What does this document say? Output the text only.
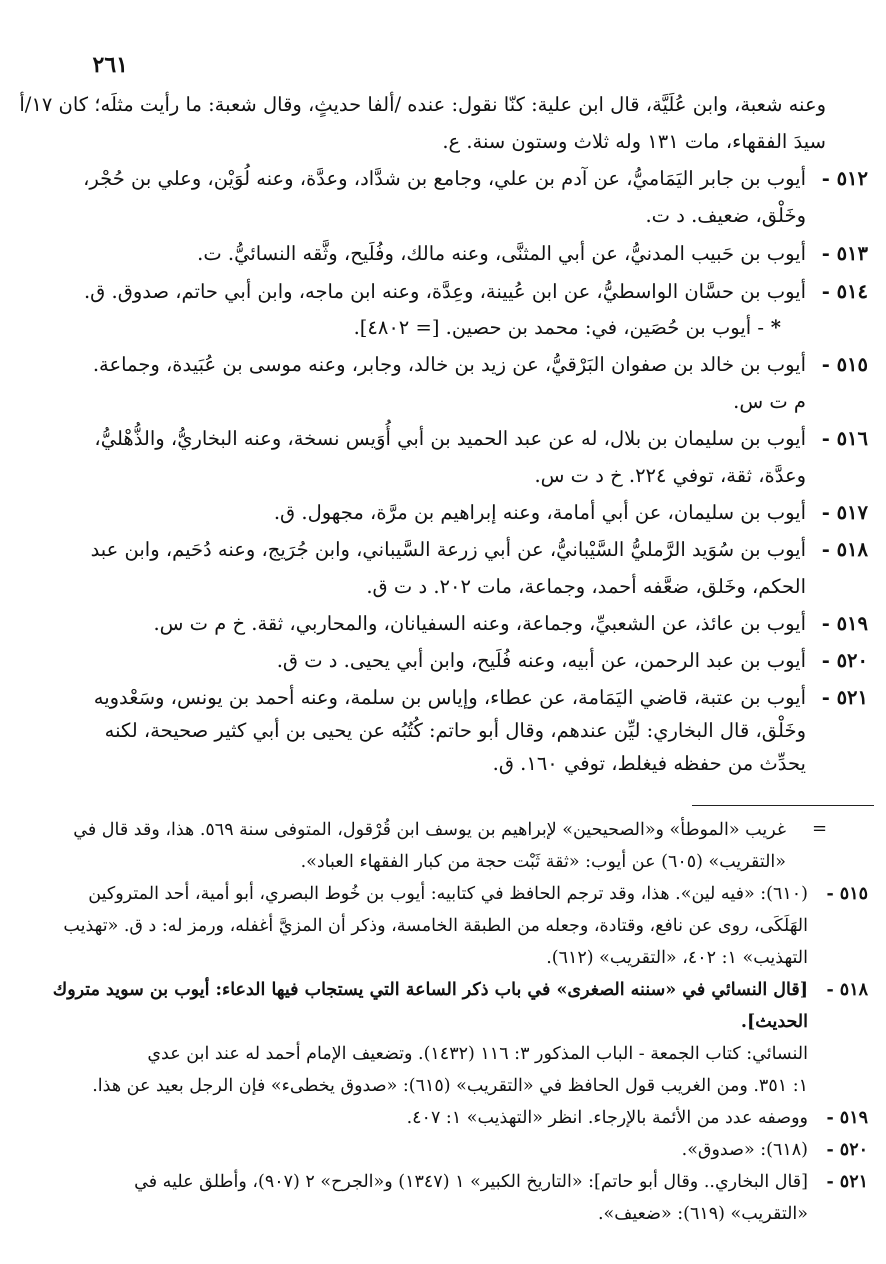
٢٦١
وعنه شعبة، وابن عُلَيَّة، قال ابن علية: كنّا نقول: عنده /ألفا حديثٍ، وقال شعبة: ما رأيت مثلَه؛ كان ١٧/أ
سيدَ الفقهاء، مات ١٣١ وله ثلاث وستون سنة. ع.
٥١٢ -
أيوب بن جابر اليَمَاميُّ، عن آدم بن علي، وجامع بن شدَّاد، وعدَّة، وعنه لُوَيْن، وعلي بن حُجْر،
وخَلْق، ضعيف. د ت.
٥١٣ -
أيوب بن حَبيب المدنيُّ، عن أبي المثنَّى، وعنه مالك، وفُلَيح، وثَّقه النسائيُّ. ت.
٥١٤ -
أيوب بن حسَّان الواسطيُّ، عن ابن عُيينة، وعِدَّة، وعنه ابن ماجه، وابن أبي حاتم، صدوق. ق.
*
- أيوب بن حُصَين، في: محمد بن حصين. [= ٤٨٠٢].
٥١٥ -
أيوب بن خالد بن صفوان البَرْقيُّ، عن زيد بن خالد، وجابر، وعنه موسى بن عُبَيدة، وجماعة.
م ت س.
٥١٦ -
أيوب بن سليمان بن بلال، له عن عبد الحميد بن أبي أُوَيس نسخة، وعنه البخاريُّ، والذُّهْليُّ،
وعدَّة، ثقة، توفي ٢٢٤. خ د ت س.
٥١٧ -
أيوب بن سليمان، عن أبي أمامة، وعنه إبراهيم بن مرَّة، مجهول. ق.
٥١٨ -
أيوب بن سُوَيد الرَّمليُّ السَّيْبانيُّ، عن أبي زرعة السَّيباني، وابن جُرَيج، وعنه دُحَيم، وابن عبد
الحكم، وخَلق، ضعَّفه أحمد، وجماعة، مات ٢٠٢. د ت ق.
٥١٩ -
أيوب بن عائذ، عن الشعبيِّ، وجماعة، وعنه السفيانان، والمحاربي، ثقة. خ م ت س.
٥٢٠ -
أيوب بن عبد الرحمن، عن أبيه، وعنه فُلَيح، وابن أبي يحيى. د ت ق.
٥٢١ -
أيوب بن عتبة، قاضي اليَمَامة، عن عطاء، وإياس بن سلمة، وعنه أحمد بن يونس، وسَعْدويه
وخَلْق، قال البخاري: ليِّن عندهم، وقال أبو حاتم: كُتُبُه عن يحيى بن أبي كثير صحيحة، لكنه
يحدِّث من حفظه فيغلط، توفي ١٦٠. ق.
=
غريب «الموطأ» و«الصحيحين» لإبراهيم بن يوسف ابن قُرْقول، المتوفى سنة ٥٦٩. هذا، وقد قال في
«التقريب» (٦٠٥) عن أيوب: «ثقة ثَبْت حجة من كبار الفقهاء العباد».
٥١٥ -
(٦١٠): «فيه لين». هذا، وقد ترجم الحافظ في كتابيه: أيوب بن خُوط البصري، أبو أمية، أحد المتروكين
الهَلَكَى، روى عن نافع، وقتادة، وجعله من الطبقة الخامسة، وذكر أن المزيَّ أغفله، ورمز له: د ق. «تهذيب
التهذيب» ١: ٤٠٢، «التقريب» (٦١٢).
٥١٨ -
[قال النسائي في «سننه الصغرى» في باب ذكر الساعة التي يستجاب فيها الدعاء: أيوب بن سويد متروك
الحديث].
النسائي: كتاب الجمعة - الباب المذكور ٣: ١١٦ (١٤٣٢). وتضعيف الإمام أحمد له عند ابن عدي
١: ٣٥١. ومن الغريب قول الحافظ في «التقريب» (٦١٥): «صدوق يخطىء» فإن الرجل بعيد عن هذا.
٥١٩ -
ووصفه عدد من الأئمة بالإرجاء. انظر «التهذيب» ١: ٤٠٧.
٥٢٠ -
(٦١٨): «صدوق».
٥٢١ -
[قال البخاري.. وقال أبو حاتم]: «التاريخ الكبير» ١ (١٣٤٧) و«الجرح» ٢ (٩٠٧)، وأطلق عليه في
«التقريب» (٦١٩): «ضعيف».
